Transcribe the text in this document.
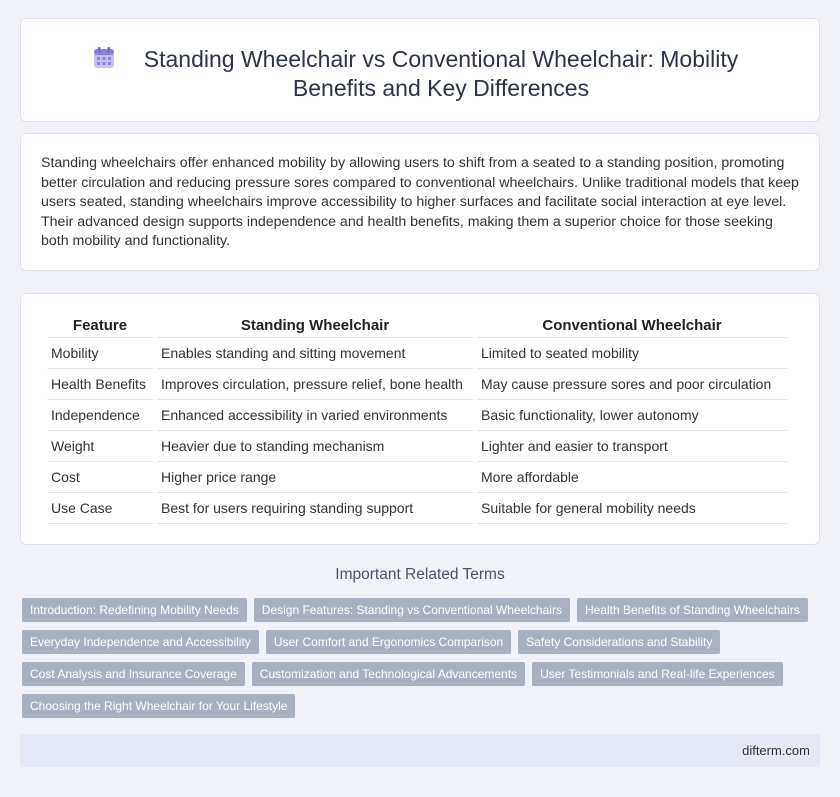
Standing Wheelchair vs Conventional Wheelchair: Mobility Benefits and Key Differences

Standing wheelchairs offer enhanced mobility by allowing users to shift from a seated to a standing position, promoting better circulation and reducing pressure sores compared to conventional wheelchairs. Unlike traditional models that keep users seated, standing wheelchairs improve accessibility to higher surfaces and facilitate social interaction at eye level. Their advanced design supports independence and health benefits, making them a superior choice for those seeking both mobility and functionality.

Feature	Standing Wheelchair	Conventional Wheelchair
Mobility	Enables standing and sitting movement	Limited to seated mobility
Health Benefits	Improves circulation, pressure relief, bone health	May cause pressure sores and poor circulation
Independence	Enhanced accessibility in varied environments	Basic functionality, lower autonomy
Weight	Heavier due to standing mechanism	Lighter and easier to transport
Cost	Higher price range	More affordable
Use Case	Best for users requiring standing support	Suitable for general mobility needs
Important Related Terms
Introduction: Redefining Mobility Needs	Design Features: Standing vs Conventional Wheelchairs	Health Benefits of Standing Wheelchairs
Everyday Independence and Accessibility	User Comfort and Ergonomics Comparison	Safety Considerations and Stability
Cost Analysis and Insurance Coverage	Customization and Technological Advancements	User Testimonials and Real-life Experiences
Choosing the Right Wheelchair for Your Lifestyle
difterm.com
